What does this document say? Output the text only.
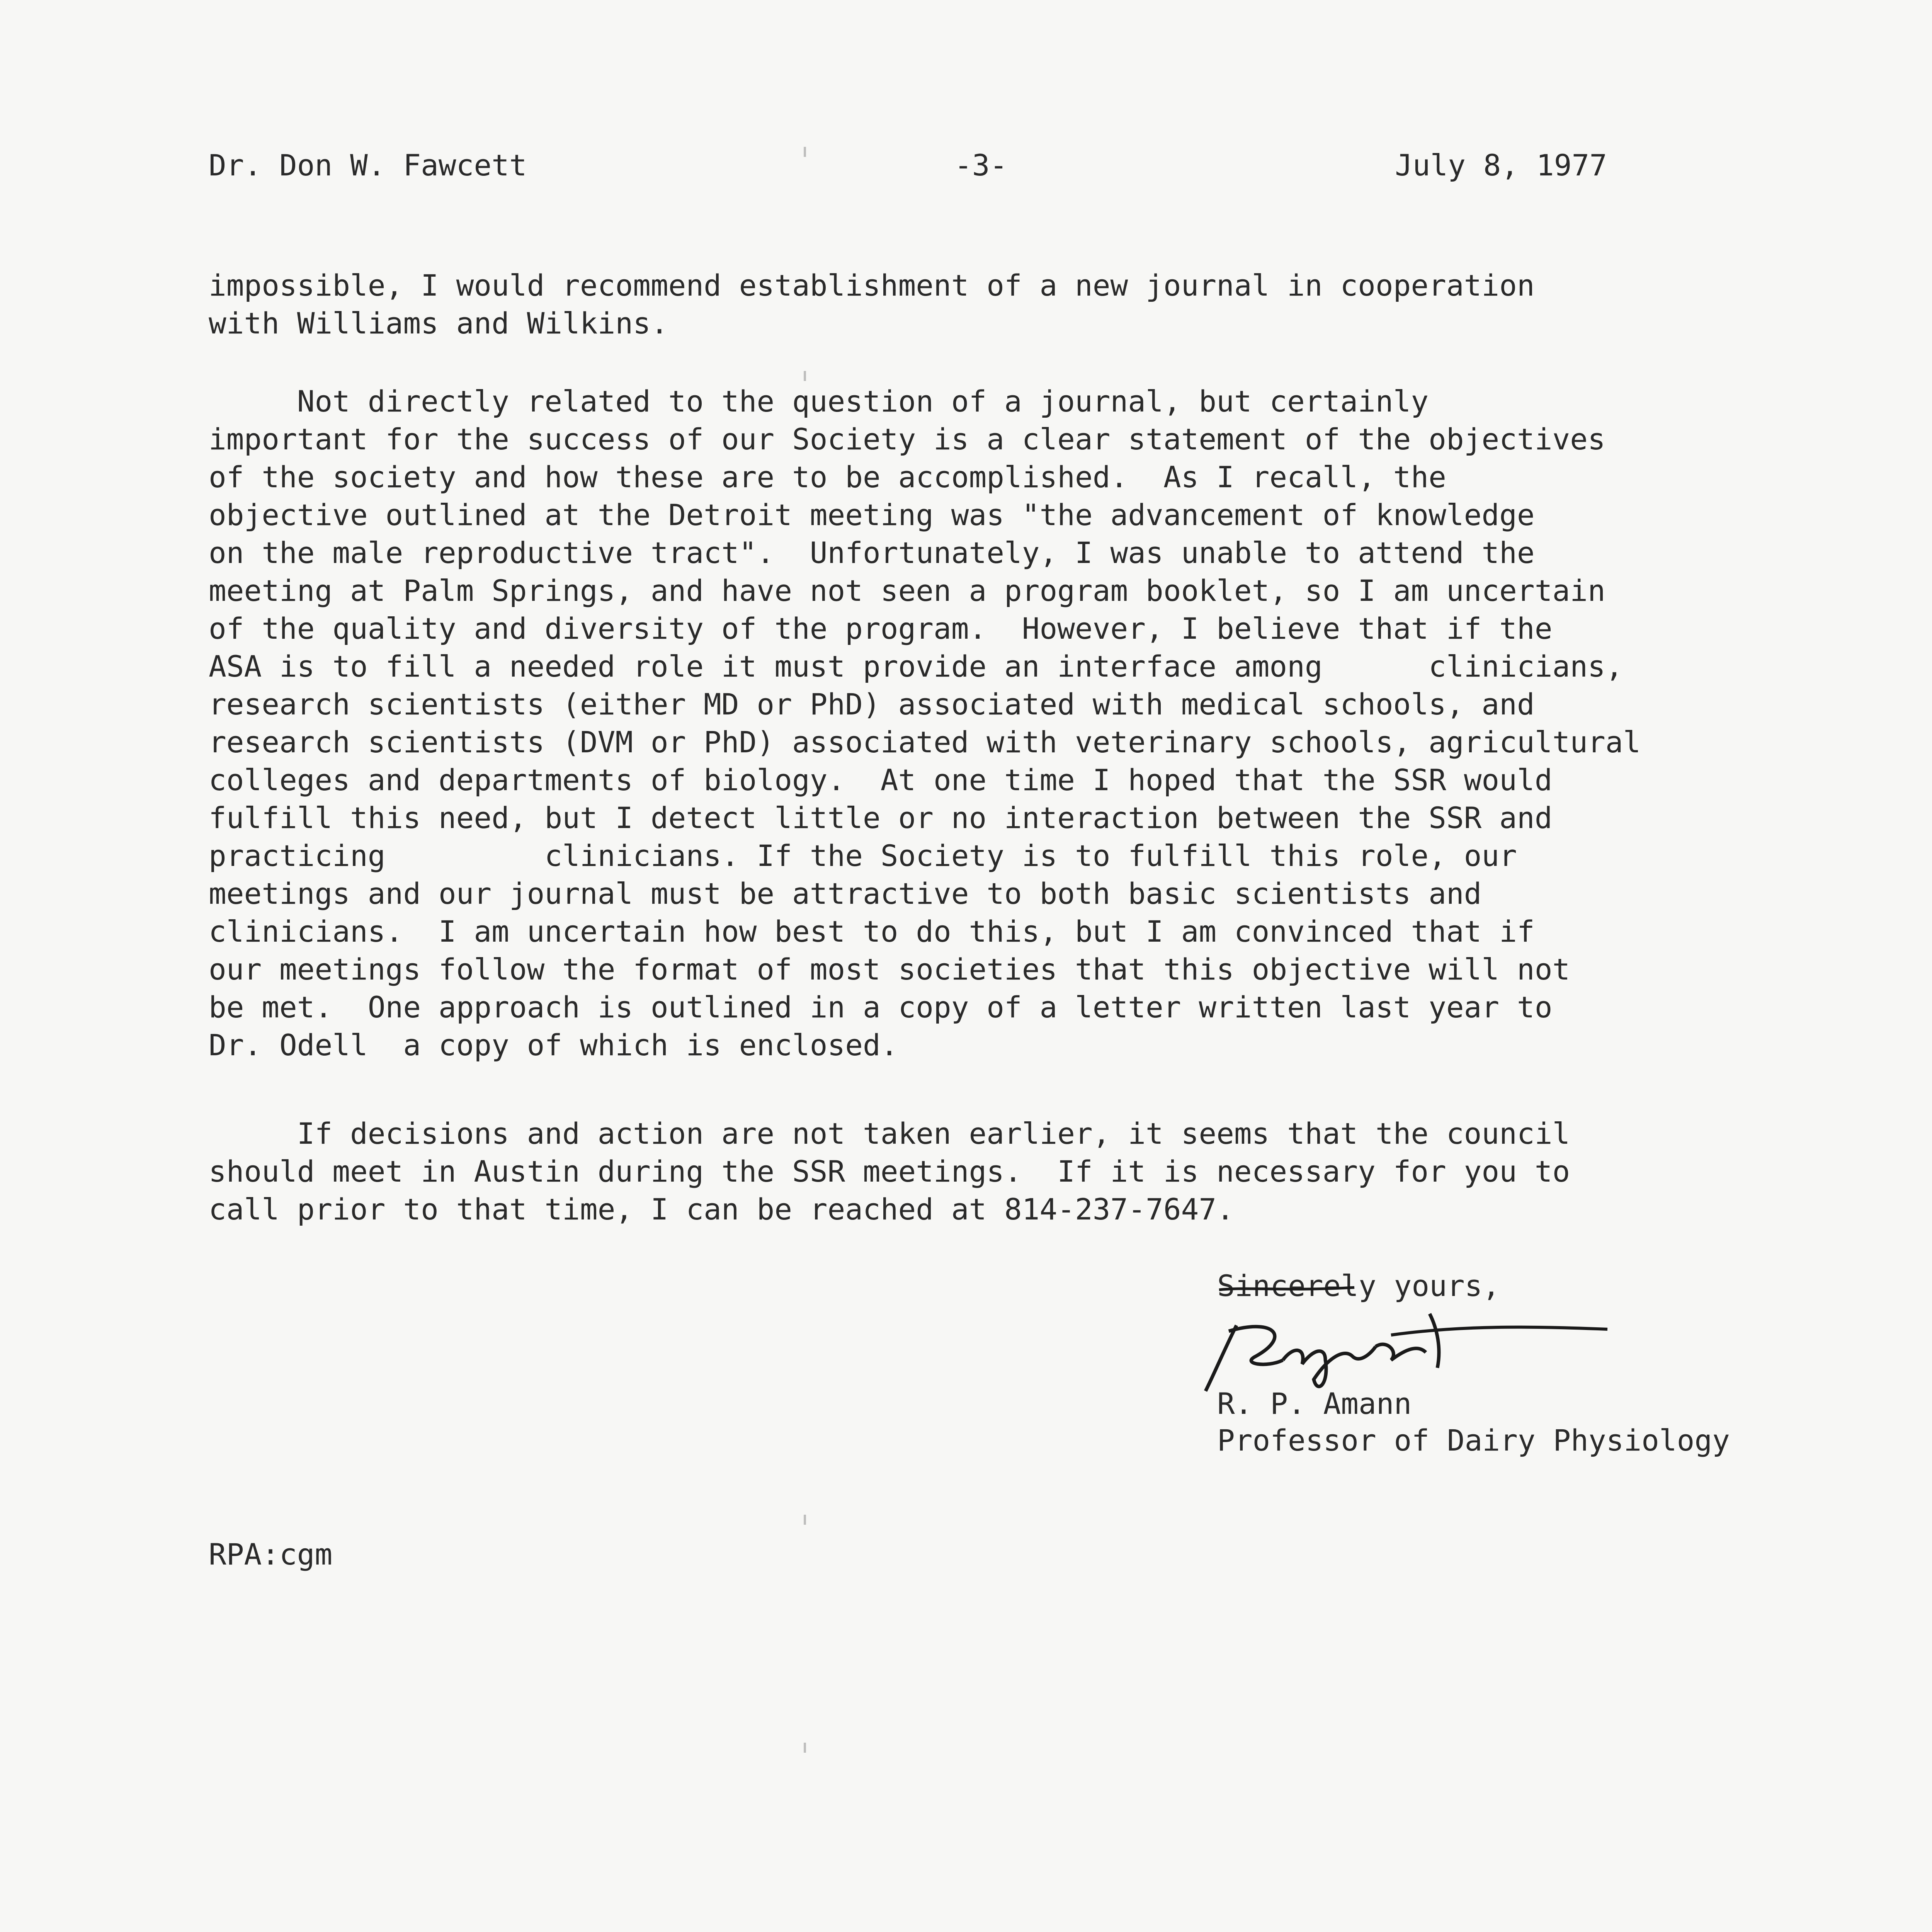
Dr. Don W. Fawcett	-3-	July 8, 1977

impossible, I would recommend establishment of a new journal in cooperation
with Williams and Wilkins.

Not directly related to the question of a journal, but certainly
important for the success of our Society is a clear statement of the objectives
of the society and how these are to be accomplished.  As I recall, the
objective outlined at the Detroit meeting was "the advancement of knowledge
on the male reproductive tract".  Unfortunately, I was unable to attend the
meeting at Palm Springs, and have not seen a program booklet, so I am uncertain
of the quality and diversity of the program.  However, I believe that if the
ASA is to fill a needed role it must provide an interface among      clinicians,
research scientists (either MD or PhD) associated with medical schools, and
research scientists (DVM or PhD) associated with veterinary schools, agricultural
colleges and departments of biology.  At one time I hoped that the SSR would
fulfill this need, but I detect little or no interaction between the SSR and
practicing         clinicians. If the Society is to fulfill this role, our
meetings and our journal must be attractive to both basic scientists and
clinicians.  I am uncertain how best to do this, but I am convinced that if
our meetings follow the format of most societies that this objective will not
be met.  One approach is outlined in a copy of a letter written last year to
Dr. Odell  a copy of which is enclosed.

If decisions and action are not taken earlier, it seems that the council
should meet in Austin during the SSR meetings.  If it is necessary for you to
call prior to that time, I can be reached at 814-237-7647.

Sincerely yours,
R. P. Amann
Professor of Dairy Physiology
RPA:cgm
